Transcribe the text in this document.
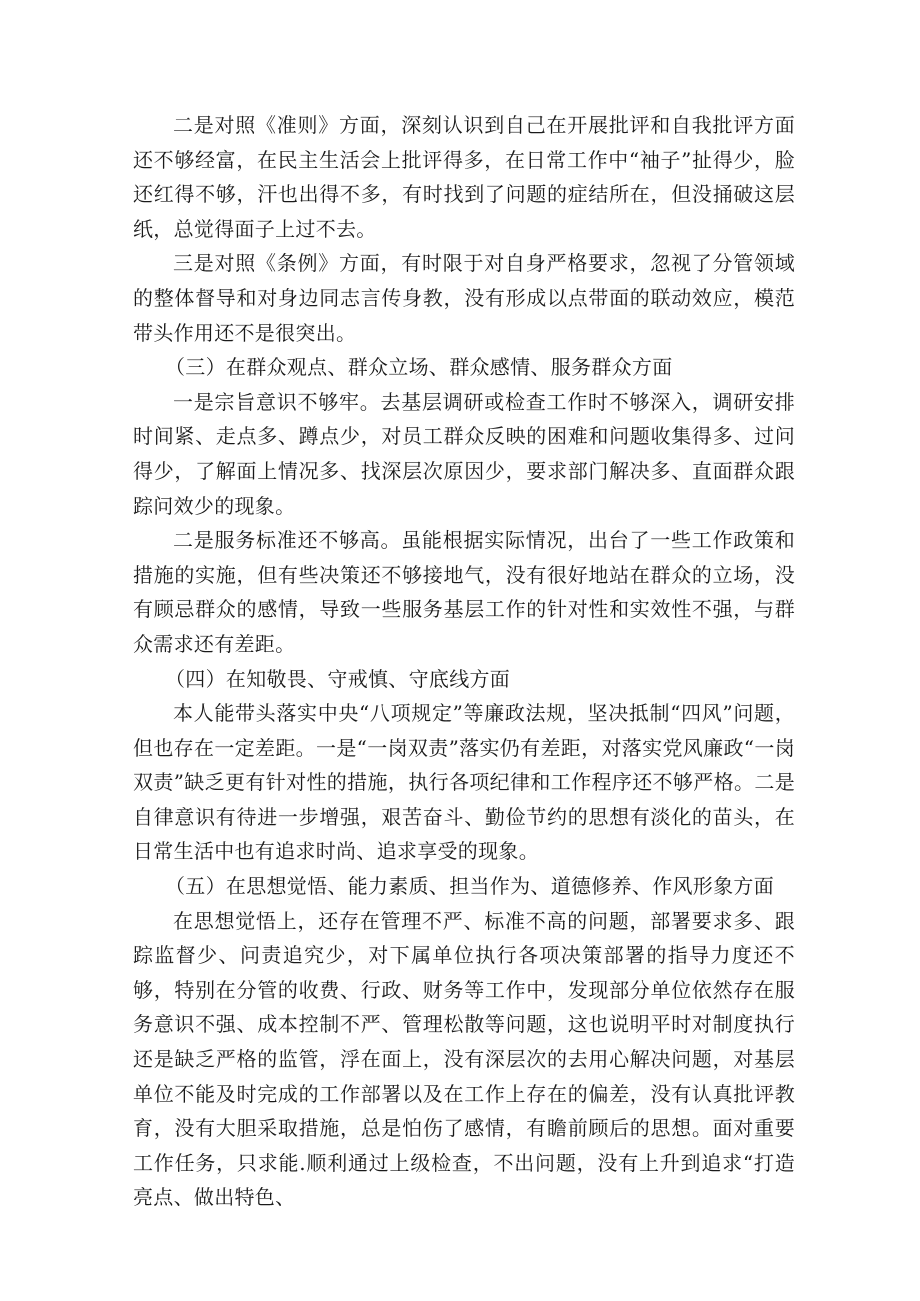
二是对照《准则》方面，深刻认识到自己在开展批评和自我批评方面还不够经富，在民主生活会上批评得多，在日常工作中“袖子”扯得少，脸还红得不够，汗也出得不多，有时找到了问题的症结所在，但没捅破这层纸，总觉得面子上过不去。

三是对照《条例》方面，有时限于对自身严格要求，忽视了分管领域的整体督导和对身边同志言传身教，没有形成以点带面的联动效应，模范带头作用还不是很突出。

（三）在群众观点、群众立场、群众感情、服务群众方面

一是宗旨意识不够牢。去基层调研或检查工作时不够深入，调研安排时间紧、走点多、蹲点少，对员工群众反映的困难和问题收集得多、过问得少，了解面上情况多、找深层次原因少，要求部门解决多、直面群众跟踪问效少的现象。

二是服务标准还不够高。虽能根据实际情况，出台了一些工作政策和措施的实施，但有些决策还不够接地气，没有很好地站在群众的立场，没有顾忌群众的感情，导致一些服务基层工作的针对性和实效性不强，与群众需求还有差距。

（四）在知敬畏、守戒慎、守底线方面

本人能带头落实中央“八项规定”等廉政法规，坚决抵制“四风”问题，但也存在一定差距。一是“一岗双责”落实仍有差距，对落实党风廉政“一岗双责”缺乏更有针对性的措施，执行各项纪律和工作程序还不够严格。二是自律意识有待进一步增强，艰苦奋斗、勤俭节约的思想有淡化的苗头，在日常生活中也有追求时尚、追求享受的现象。

（五）在思想觉悟、能力素质、担当作为、道德修养、作风形象方面

在思想觉悟上，还存在管理不严、标准不高的问题，部署要求多、跟踪监督少、问责追究少，对下属单位执行各项决策部署的指导力度还不够，特别在分管的收费、行政、财务等工作中，发现部分单位依然存在服务意识不强、成本控制不严、管理松散等问题，这也说明平时对制度执行还是缺乏严格的监管，浮在面上，没有深层次的去用心解决问题，对基层单位不能及时完成的工作部署以及在工作上存在的偏差，没有认真批评教育，没有大胆采取措施，总是怕伤了感情，有瞻前顾后的思想。面对重要工作任务，只求能.顺利通过上级检查，不出问题，没有上升到追求“打造亮点、做出特色、
